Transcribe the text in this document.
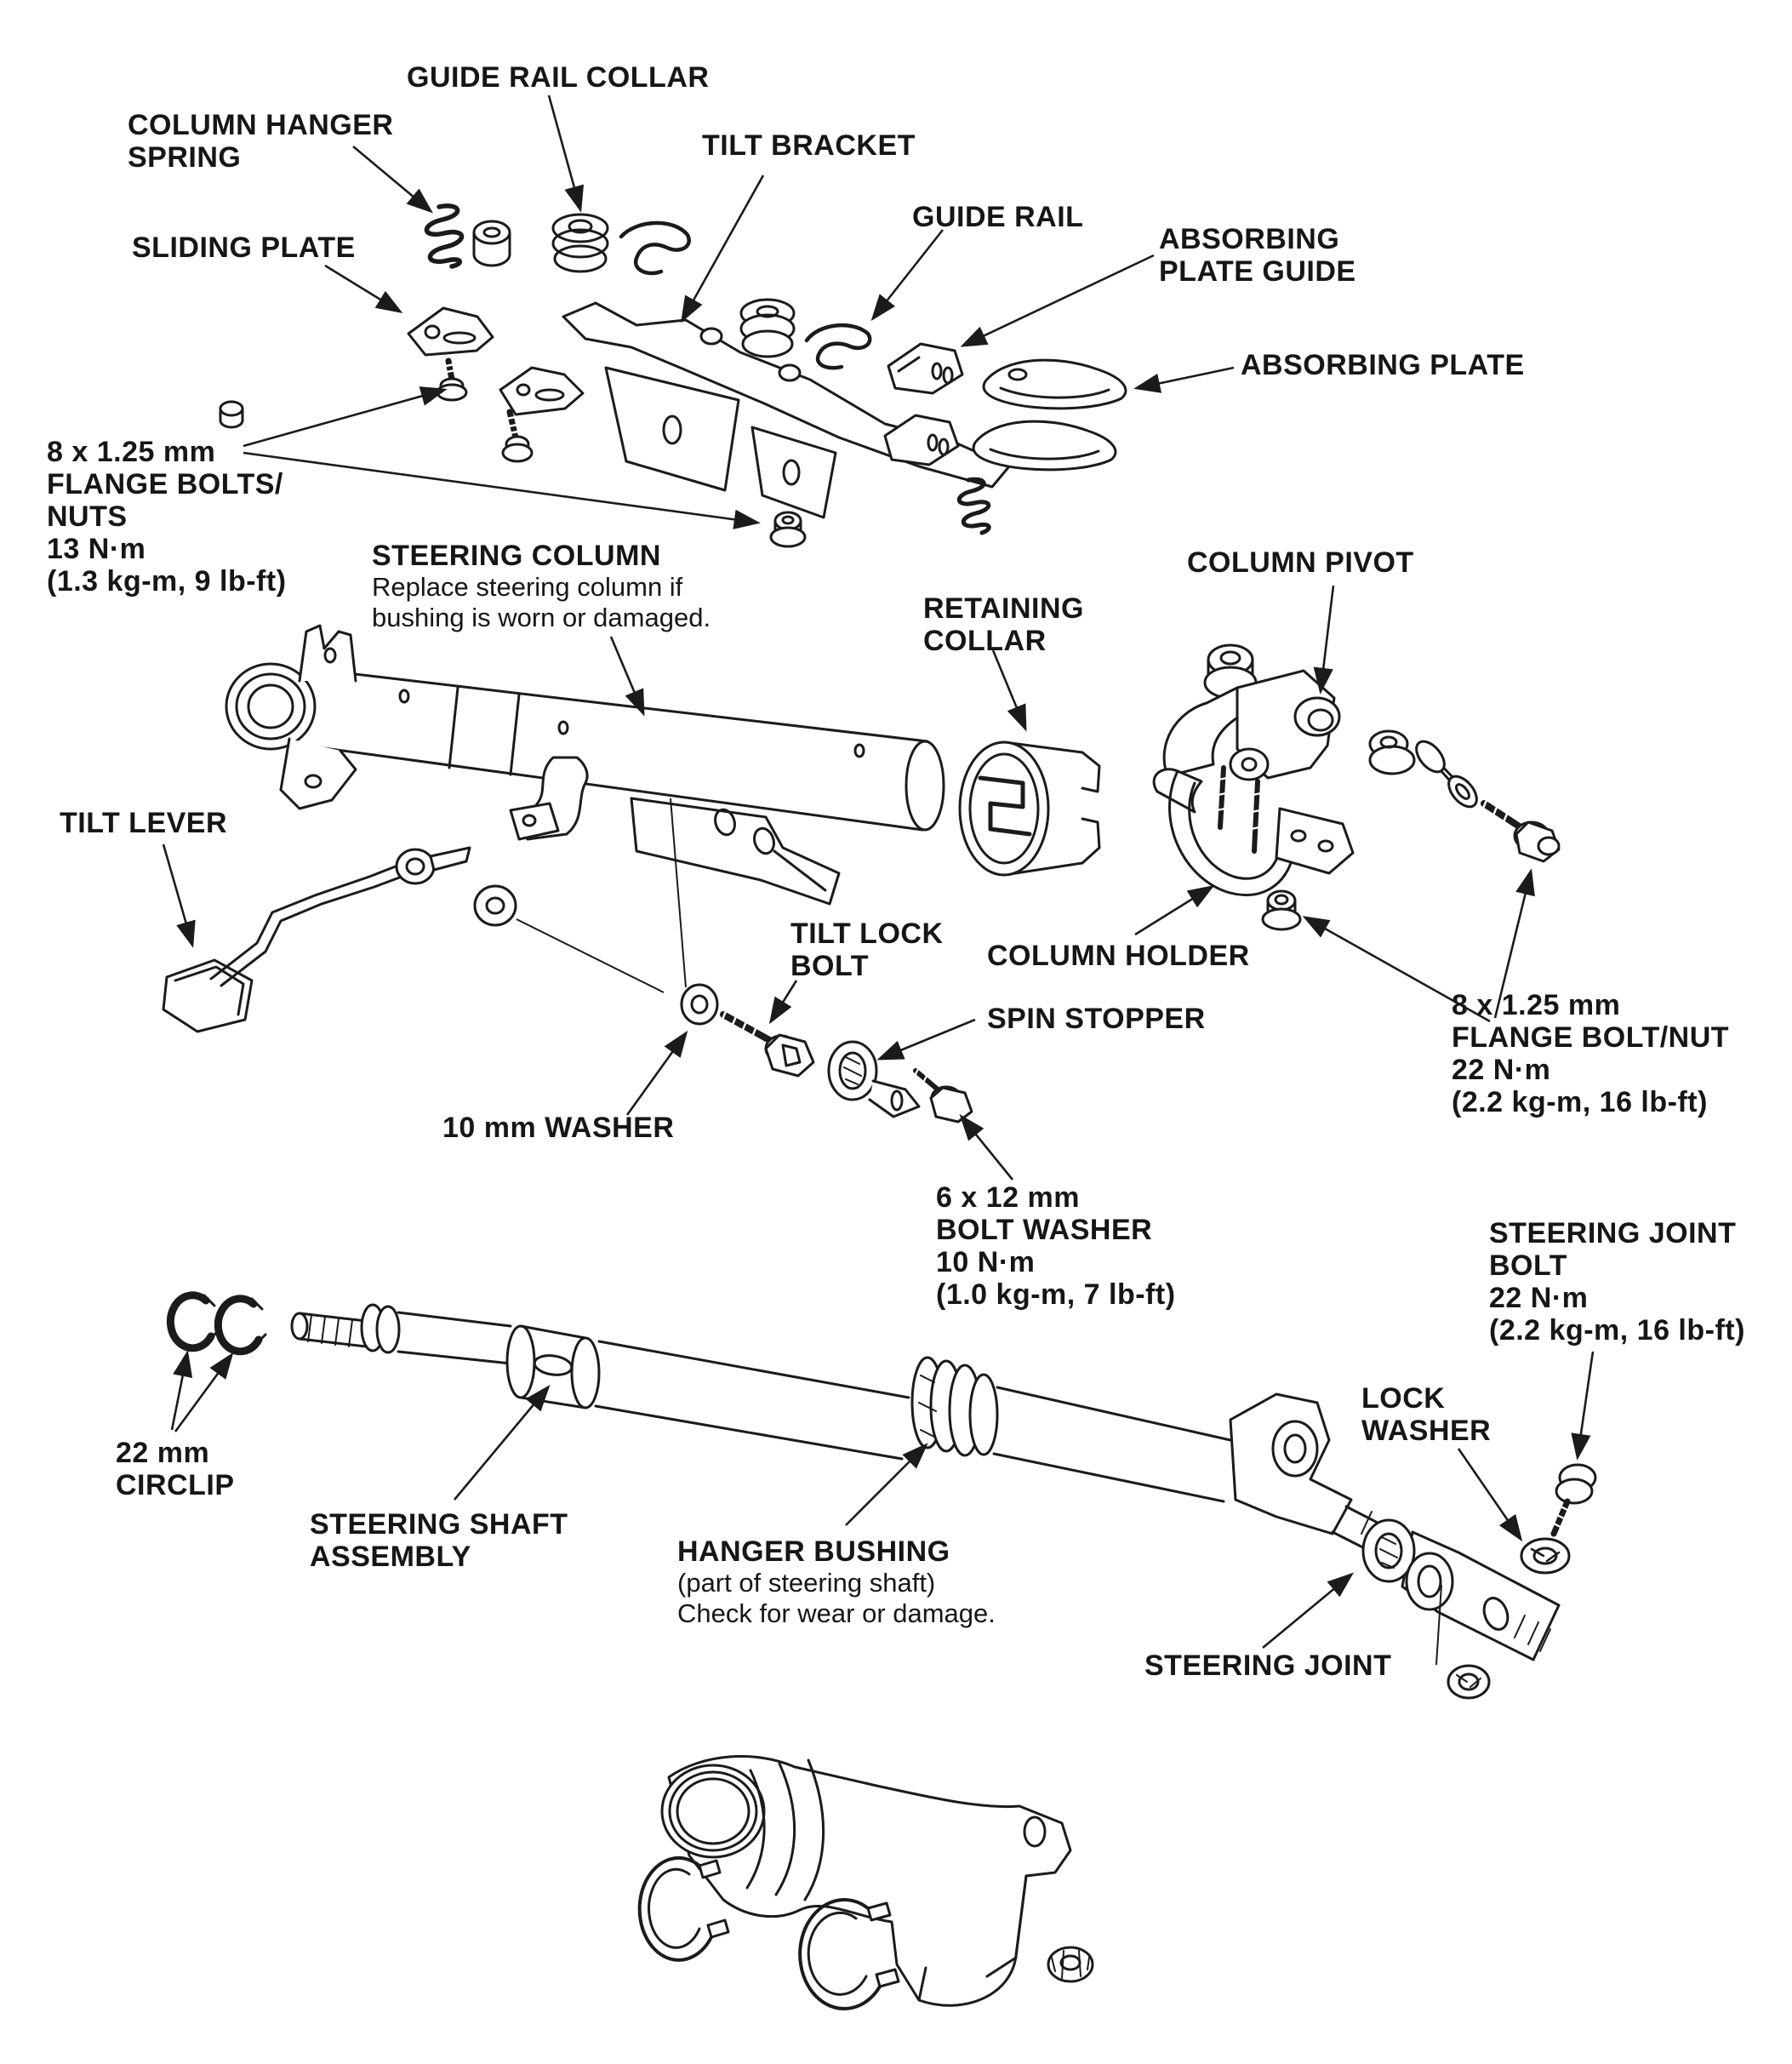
GUIDE RAIL COLLAR
COLUMN HANGER
SPRING
SLIDING PLATE
TILT BRACKET
GUIDE RAIL
ABSORBING
PLATE GUIDE
ABSORBING PLATE
8 x 1.25 mm
FLANGE BOLTS/
NUTS
13 N·m
(1.3 kg-m, 9 lb-ft)
STEERING COLUMN
Replace steering column if
bushing is worn or damaged.	RETAINING
COLLAR
COLUMN PIVOT
TILT LEVER
TILT LOCK
BOLT	COLUMN HOLDER
SPIN STOPPER
10 mm WASHER
8 x 1.25 mm
FLANGE BOLT/NUT
22 N·m
(2.2 kg-m, 16 lb-ft)
6 x 12 mm
BOLT WASHER
10 N·m
(1.0 kg-m, 7 lb-ft)
STEERING JOINT
BOLT
22 N·m
(2.2 kg-m, 16 lb-ft)
LOCK
WASHER
22 mm
CIRCLIP
STEERING SHAFT
ASSEMBLY	HANGER BUSHING
(part of steering shaft)
Check for wear or damage.
STEERING JOINT
